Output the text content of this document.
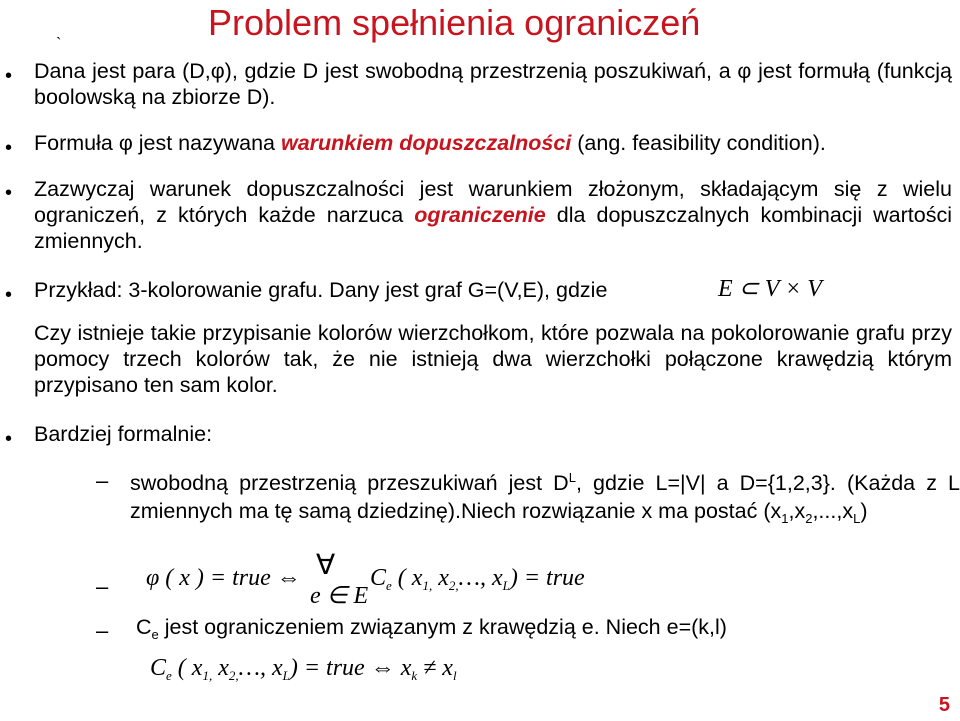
Problem spełnienia ograniczeń
`
• Dana jest para (D,φ), gdzie D jest swobodną przestrzenią poszukiwań, a φ jest formułą (funkcją boolowską na zbiorze D).

• Formuła φ jest nazywana warunkiem dopuszczalności (ang. feasibility condition).

• Zazwyczaj warunek dopuszczalności jest warunkiem złożonym, składającym się z wielu ograniczeń, z których każde narzuca ograniczenie dla dopuszczalnych kombinacji wartości zmiennych.

• Przykład: 3-kolorowanie grafu. Dany jest graf G=(V,E), gdzie	E ⊂ V × V

Czy istnieje takie przypisanie kolorów wierzchołkom, które pozwala na pokolorowanie grafu przy pomocy trzech kolorów tak, że nie istnieją dwa wierzchołki połączone krawędzią którym przypisano ten sam kolor.

• Bardziej formalnie:

– swobodną przestrzenią przeszukiwań jest $D^L$, gdzie L=|V| a D={1,2,3}. (Każda z L zmiennych ma tę samą dziedzinę).Niech rozwiązanie x ma postać $(x_1,x_2,...,x_L)$

– φ ( x ) = true ⇔ ∀
e ∈ E
$C_e$ ( $x_{1,}$ $x_{2,}\dots$, $x_L$) = true
– $C_e$ jest ograniczeniem związanym z krawędzią e. Niech e=(k,l)

$C_e$ ( $x_{1,}$ $x_{2,}\dots$, $x_L$) = true ⇔ $x_k \ne x_l$
5
